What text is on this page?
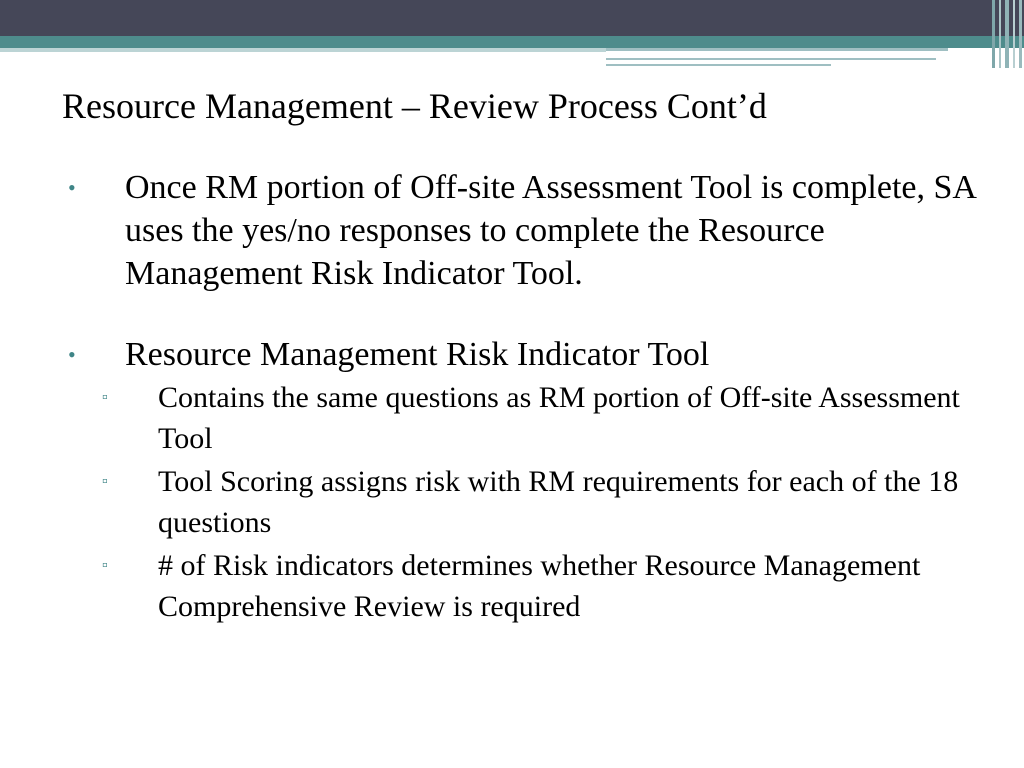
Resource Management – Review Process Cont’d
• Once RM portion of Off-site Assessment Tool is complete, SA uses the yes/no responses to complete the Resource Management Risk Indicator Tool.
• Resource Management Risk Indicator Tool
▫ Contains the same questions as RM portion of Off-site Assessment Tool
▫ Tool Scoring assigns risk with RM requirements for each of the 18 questions
▫ # of Risk indicators determines whether Resource Management Comprehensive Review is required
